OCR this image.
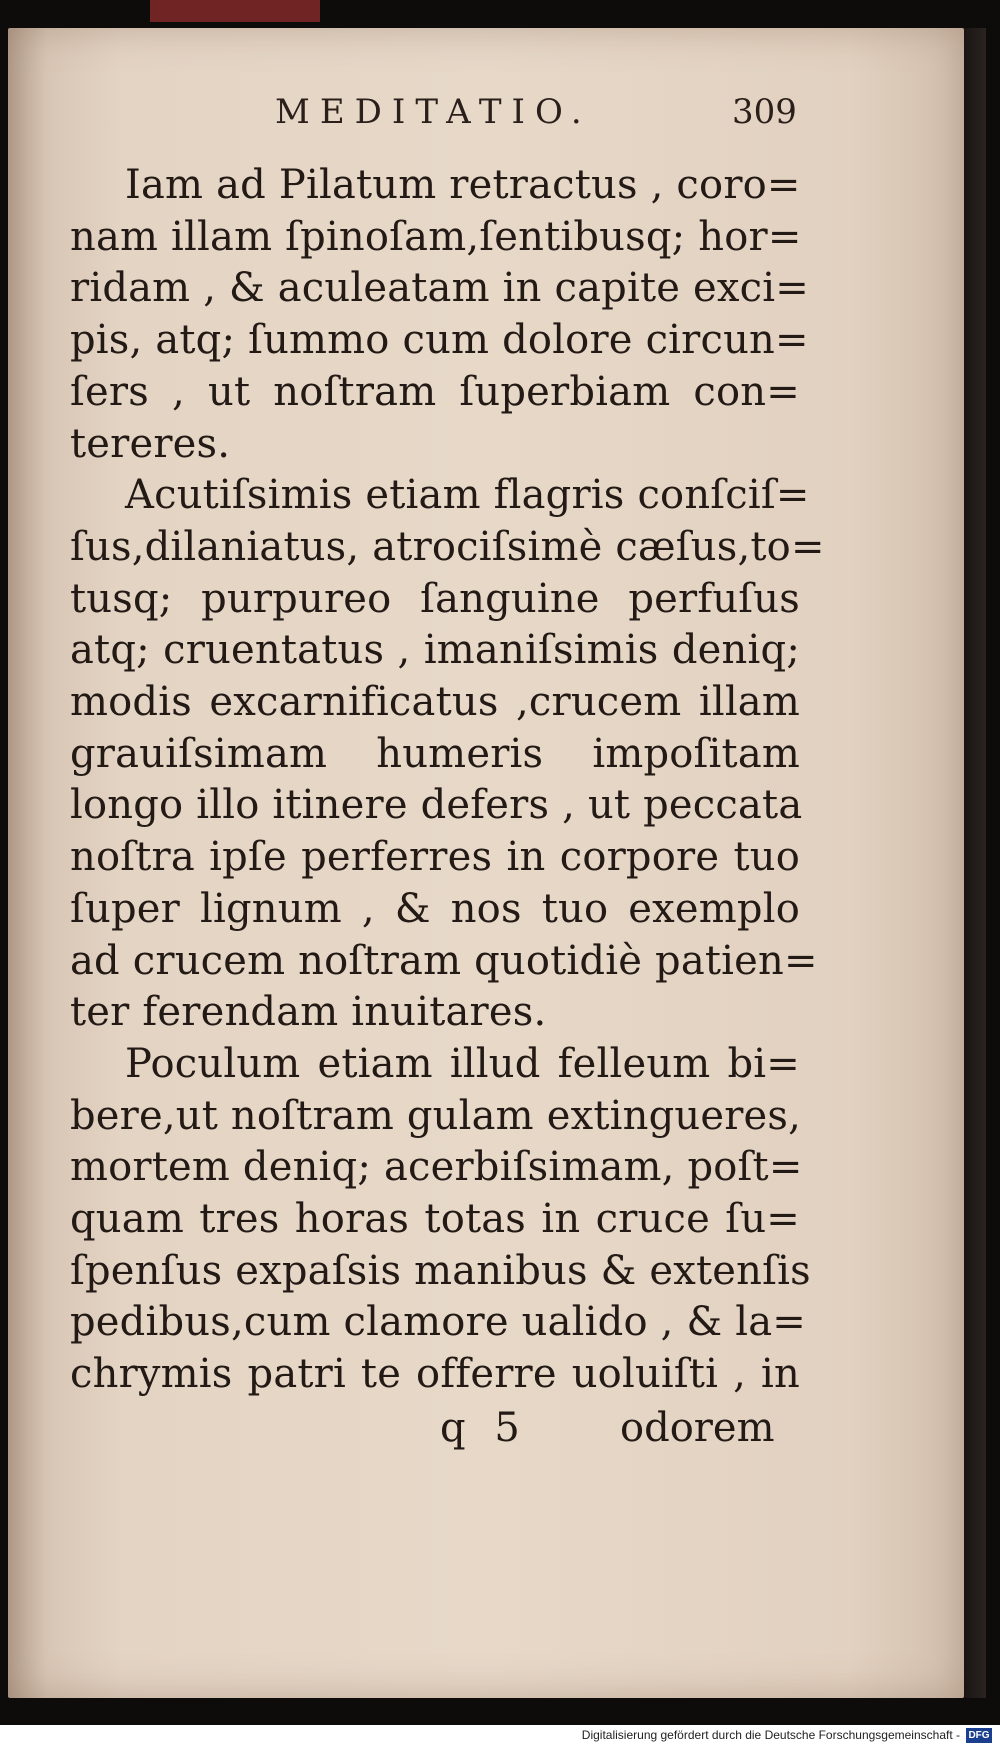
MEDITATIO.	309
Iam ad Pilatum retractus , coro=
nam illam ſpinoſam,ſentibusq; hor=
ridam , & aculeatam in capite exci=
pis, atq; ſummo cum dolore circun=
ſers , ut noſtram ſuperbiam con=
tereres.
Acutiſsimis etiam flagris conſciſ=
ſus,dilaniatus, atrociſsimè cæſus,to=
tusq; purpureo ſanguine perfuſus
atq; cruentatus , imaniſsimis deniq;
modis excarnificatus ,crucem illam
grauiſsimam humeris impoſitam
longo illo itinere defers , ut peccata
noſtra ipſe perferres in corpore tuo
ſuper lignum , & nos tuo exemplo
ad crucem noſtram quotidiè patien=
ter ferendam inuitares.
Poculum etiam illud felleum bi=
bere,ut noſtram gulam extingueres,
mortem deniq; acerbiſsimam, poſt=
quam tres horas totas in cruce ſu=
ſpenſus expaſsis manibus & extenſis
pedibus,cum clamore ualido , & la=
chrymis patri te offerre uoluiſti , in
q 5 odorem
Digitalisierung gefördert durch die Deutsche Forschungsgemeinschaft - DFG
